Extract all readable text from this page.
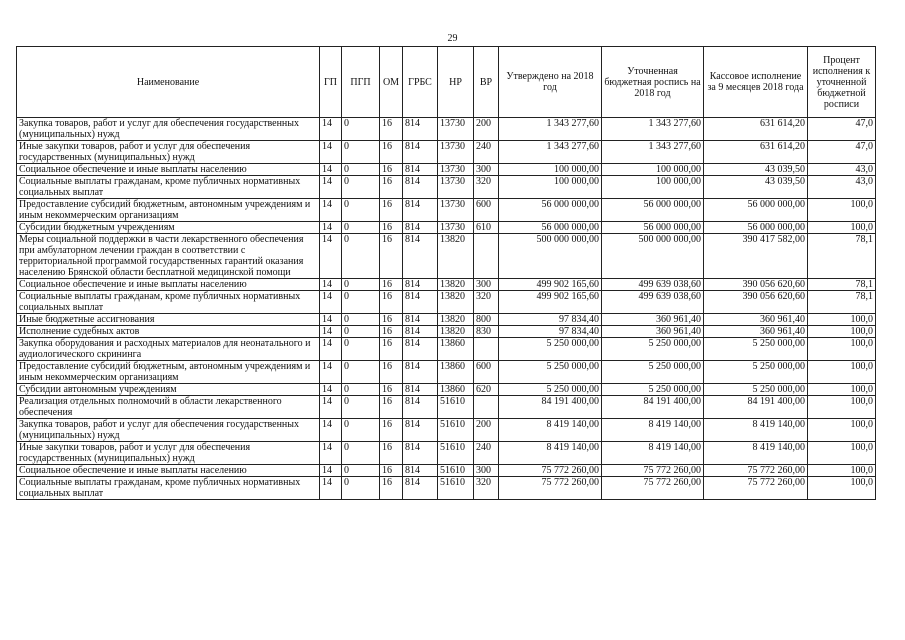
29
Наименование	ГП	ПГП	ОМ	ГРБС	НР	ВР	Утверждено на 2018 год	Уточненная бюджетная роспись на 2018 год	Кассовое исполнение за 9 месяцев 2018 года	Процент исполнения к уточненной бюджетной росписи
Закупка товаров, работ и услуг для обеспечения государственных (муниципальных) нужд	14	0	16	814	13730	200	1 343 277,60	1 343 277,60	631 614,20	47,0
Иные закупки товаров, работ и услуг для обеспечения государственных (муниципальных) нужд	14	0	16	814	13730	240	1 343 277,60	1 343 277,60	631 614,20	47,0
Социальное обеспечение и иные выплаты населению	14	0	16	814	13730	300	100 000,00	100 000,00	43 039,50	43,0
Социальные выплаты гражданам, кроме публичных нормативных социальных выплат	14	0	16	814	13730	320	100 000,00	100 000,00	43 039,50	43,0
Предоставление субсидий бюджетным, автономным учреждениям и иным некоммерческим организациям	14	0	16	814	13730	600	56 000 000,00	56 000 000,00	56 000 000,00	100,0
Субсидии бюджетным учреждениям	14	0	16	814	13730	610	56 000 000,00	56 000 000,00	56 000 000,00	100,0
Меры социальной поддержки в части лекарственного обеспечения при амбулаторном лечении граждан в соответствии с территориальной программой государственных гарантий оказания населению Брянской области бесплатной медицинской помощи	14	0	16	814	13820		500 000 000,00	500 000 000,00	390 417 582,00	78,1
Социальное обеспечение и иные выплаты населению	14	0	16	814	13820	300	499 902 165,60	499 639 038,60	390 056 620,60	78,1
Социальные выплаты гражданам, кроме публичных нормативных социальных выплат	14	0	16	814	13820	320	499 902 165,60	499 639 038,60	390 056 620,60	78,1
Иные бюджетные ассигнования	14	0	16	814	13820	800	97 834,40	360 961,40	360 961,40	100,0
Исполнение судебных актов	14	0	16	814	13820	830	97 834,40	360 961,40	360 961,40	100,0
Закупка оборудования и расходных материалов для неонатального и аудиологического скрининга	14	0	16	814	13860		5 250 000,00	5 250 000,00	5 250 000,00	100,0
Предоставление субсидий бюджетным, автономным учреждениям и иным некоммерческим организациям	14	0	16	814	13860	600	5 250 000,00	5 250 000,00	5 250 000,00	100,0
Субсидии автономным учреждениям	14	0	16	814	13860	620	5 250 000,00	5 250 000,00	5 250 000,00	100,0
Реализация отдельных полномочий в области лекарственного обеспечения	14	0	16	814	51610		84 191 400,00	84 191 400,00	84 191 400,00	100,0
Закупка товаров, работ и услуг для обеспечения государственных (муниципальных) нужд	14	0	16	814	51610	200	8 419 140,00	8 419 140,00	8 419 140,00	100,0
Иные закупки товаров, работ и услуг для обеспечения государственных (муниципальных) нужд	14	0	16	814	51610	240	8 419 140,00	8 419 140,00	8 419 140,00	100,0
Социальное обеспечение и иные выплаты населению	14	0	16	814	51610	300	75 772 260,00	75 772 260,00	75 772 260,00	100,0
Социальные выплаты гражданам, кроме публичных нормативных социальных выплат	14	0	16	814	51610	320	75 772 260,00	75 772 260,00	75 772 260,00	100,0
